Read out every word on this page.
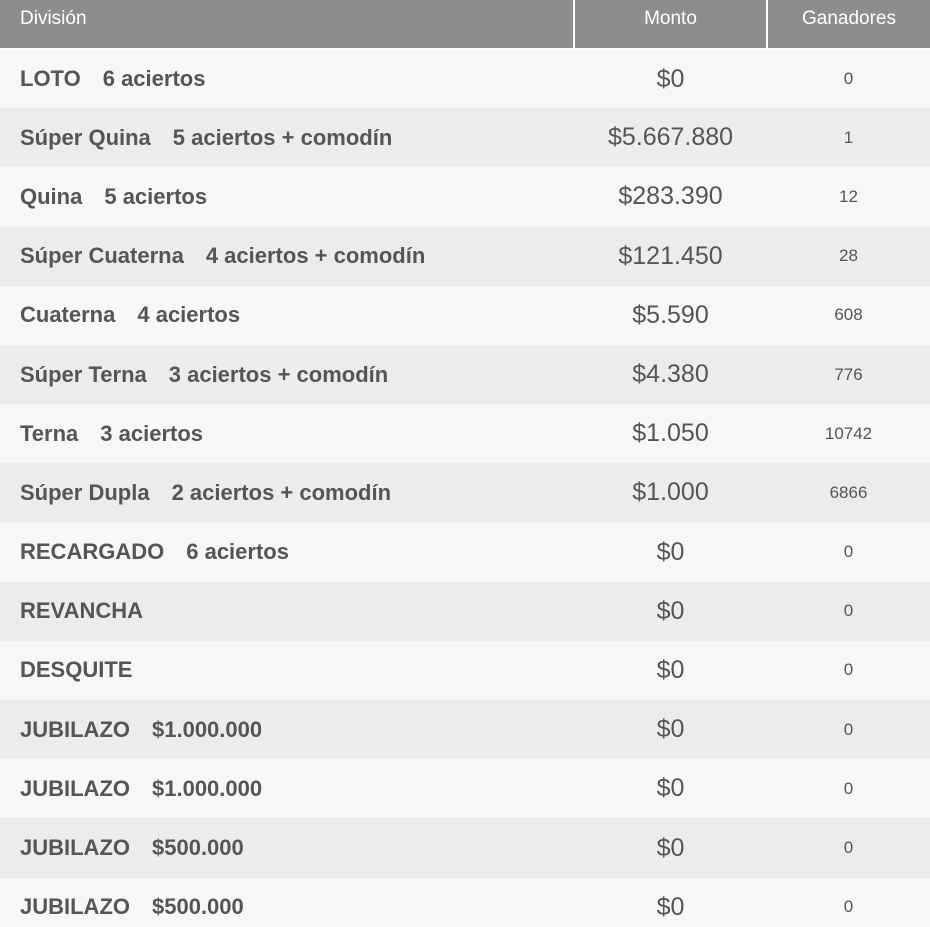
División	Monto	Ganadores
LOTO 6 aciertos	$0	0
Súper Quina 5 aciertos + comodín	$5.667.880	1
Quina 5 aciertos	$283.390	12
Súper Cuaterna 4 aciertos + comodín	$121.450	28
Cuaterna 4 aciertos	$5.590	608
Súper Terna 3 aciertos + comodín	$4.380	776
Terna 3 aciertos	$1.050	10742
Súper Dupla 2 aciertos + comodín	$1.000	6866
RECARGADO 6 aciertos	$0	0
REVANCHA	$0	0
DESQUITE	$0	0
JUBILAZO $1.000.000	$0	0
JUBILAZO $1.000.000	$0	0
JUBILAZO $500.000	$0	0
JUBILAZO $500.000	$0	0
